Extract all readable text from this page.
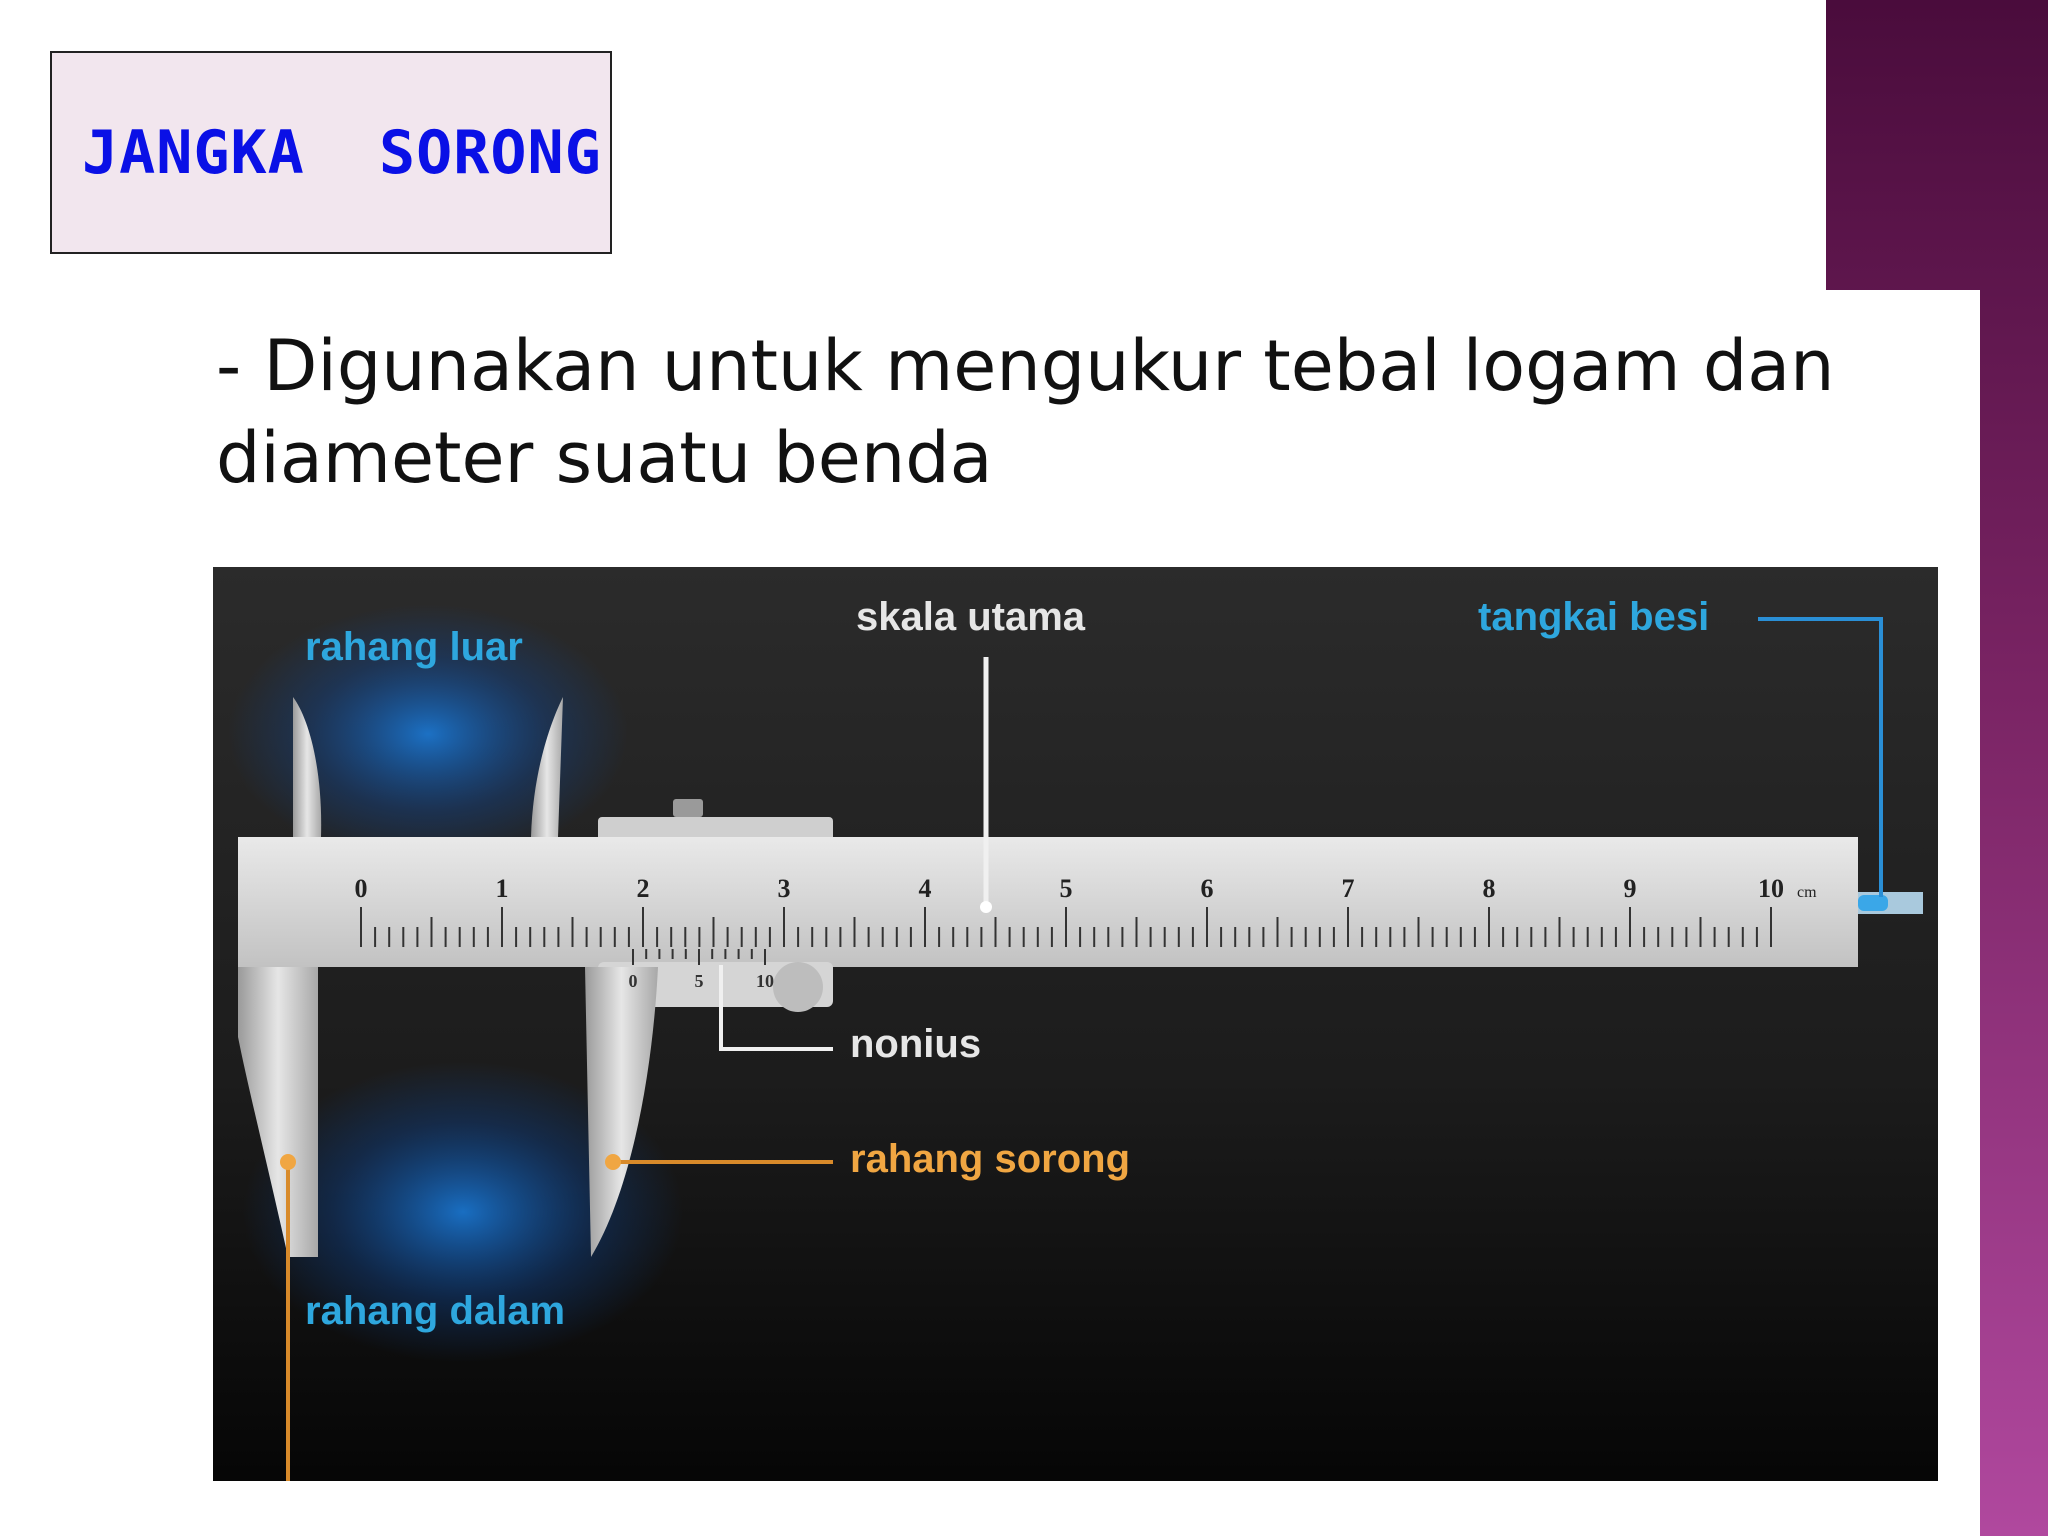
JANGKA  SORONG
- Digunakan untuk mengukur tebal logam dan diameter suatu benda
0	1	2	3	4	5	6	7	8	9	10 cm
0	5	10
rahang luar
skala utama	tangkai besi
nonius
rahang sorong
rahang dalam
